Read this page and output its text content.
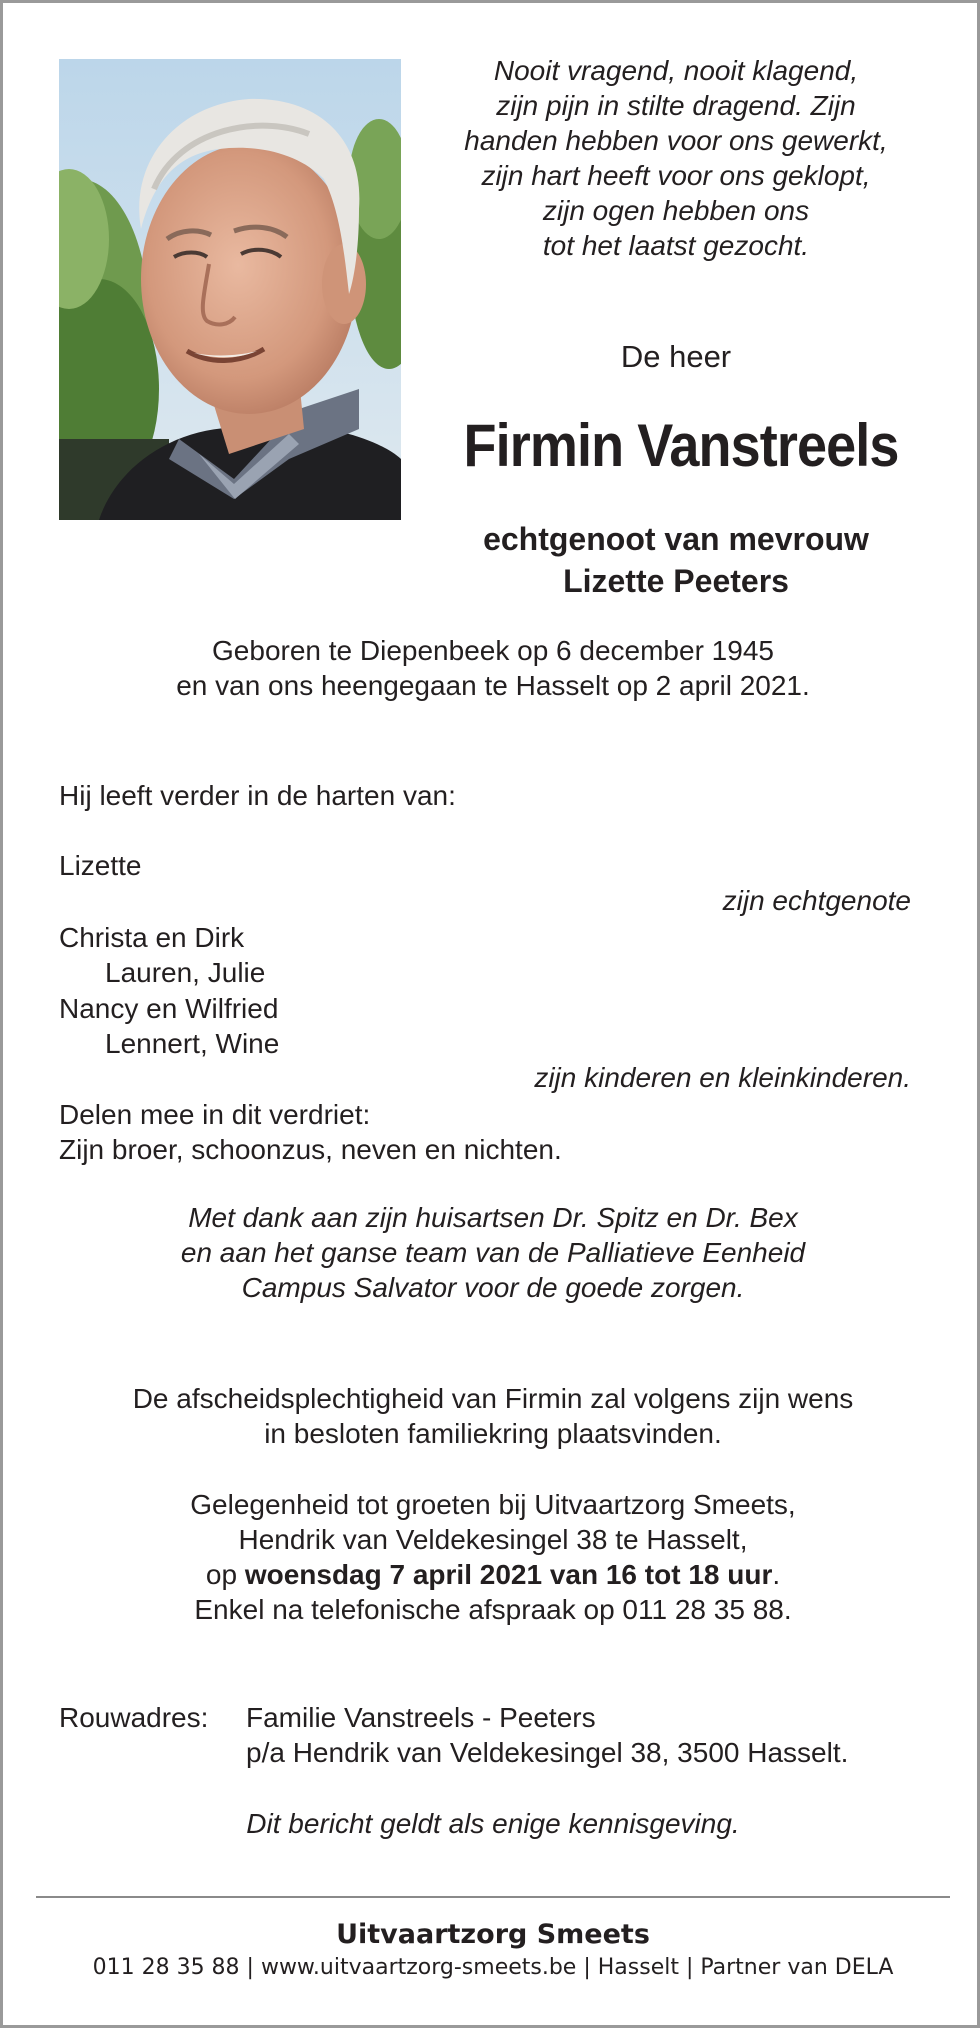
Nooit vragend, nooit klagend,
zijn pijn in stilte dragend. Zijn
handen hebben voor ons gewerkt,
zijn hart heeft voor ons geklopt,
zijn ogen hebben ons
tot het laatst gezocht.
De heer
Firmin Vanstreels
echtgenoot van mevrouw
Lizette Peeters
Geboren te Diepenbeek op 6 december 1945
en van ons heengegaan te Hasselt op 2 april 2021.
Hij leeft verder in de harten van:
Lizette
zijn echtgenote
Christa en Dirk
Lauren, Julie
Nancy en Wilfried
Lennert, Wine
zijn kinderen en kleinkinderen.
Delen mee in dit verdriet:
Zijn broer, schoonzus, neven en nichten.
Met dank aan zijn huisartsen Dr. Spitz en Dr. Bex
en aan het ganse team van de Palliatieve Eenheid
Campus Salvator voor de goede zorgen.
De afscheidsplechtigheid van Firmin zal volgens zijn wens
in besloten familiekring plaatsvinden.
Gelegenheid tot groeten bij Uitvaartzorg Smeets,
Hendrik van Veldekesingel 38 te Hasselt,
op woensdag 7 april 2021 van 16 tot 18 uur.
Enkel na telefonische afspraak op 011 28 35 88.
Rouwadres: Familie Vanstreels - Peeters
p/a Hendrik van Veldekesingel 38, 3500 Hasselt.
Dit bericht geldt als enige kennisgeving.
Uitvaartzorg Smeets
011 28 35 88 | www.uitvaartzorg-smeets.be | Hasselt | Partner van DELA
